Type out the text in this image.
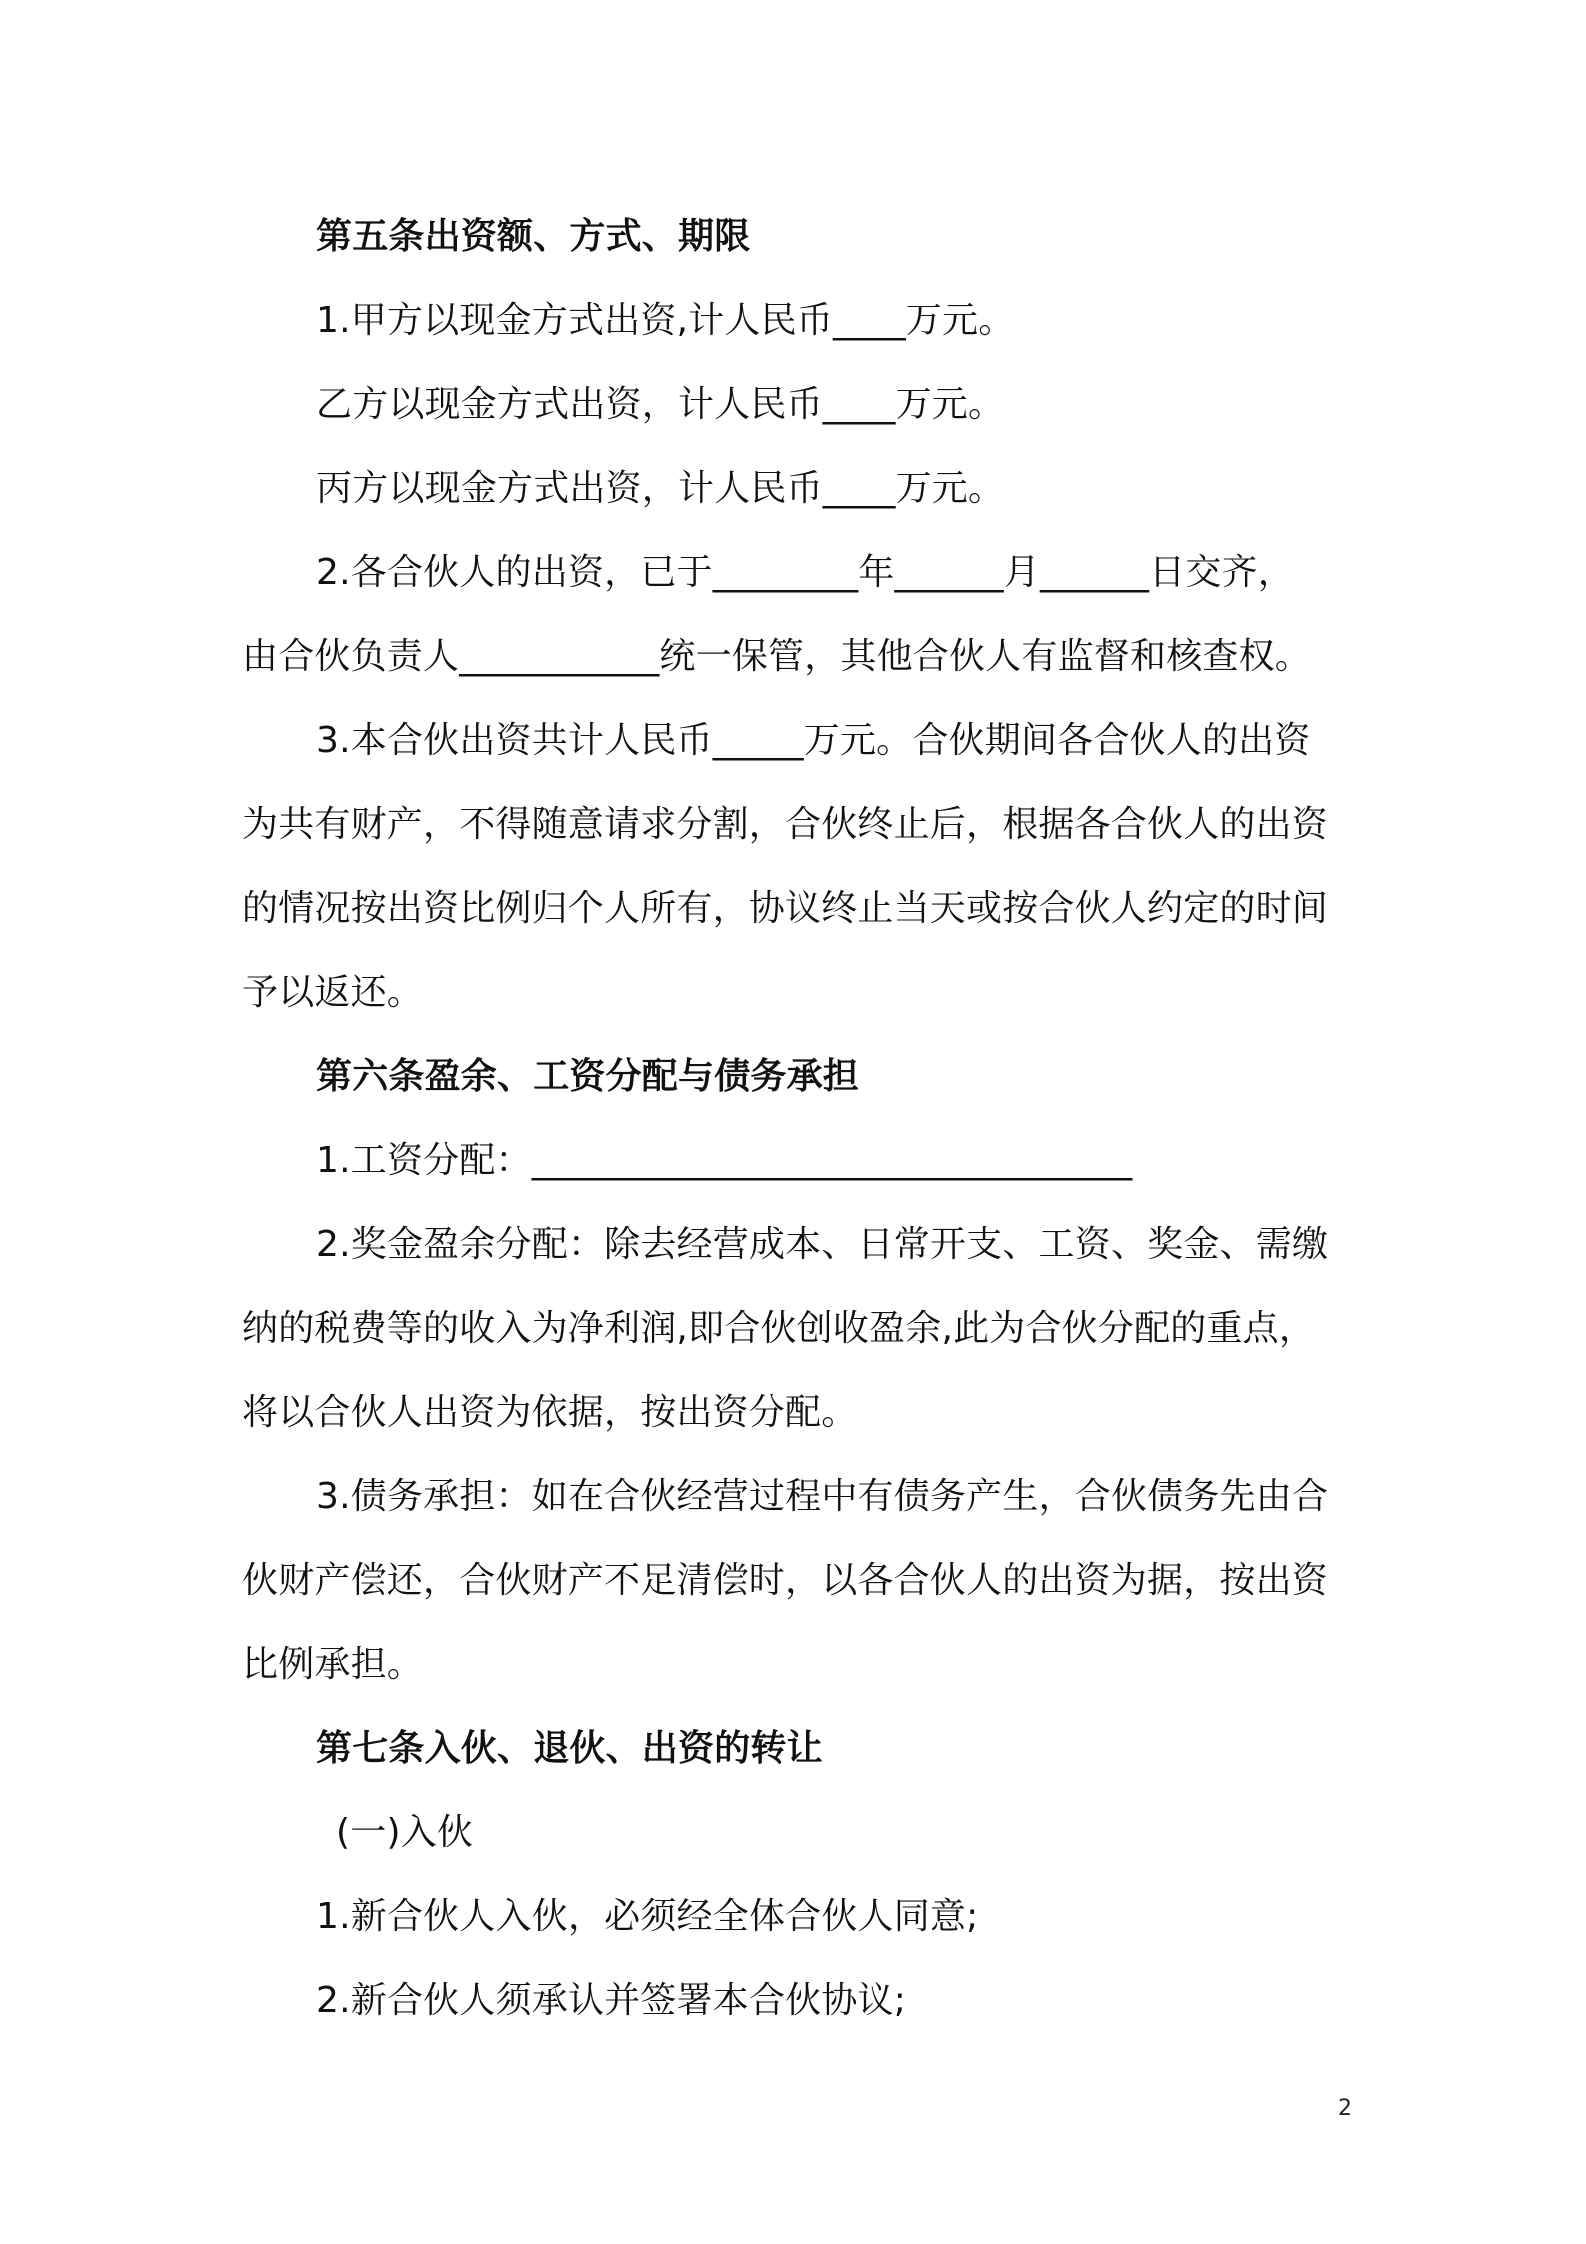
第五条出资额、方式、期限
1.甲方以现金方式出资,计人民币____万元。
乙方以现金方式出资，计人民币____万元。
丙方以现金方式出资，计人民币____万元。
2.各合伙人的出资，已于________年______月______日交齐，
由合伙负责人___________统一保管，其他合伙人有监督和核查权。
3.本合伙出资共计人民币_____万元。合伙期间各合伙人的出资
为共有财产，不得随意请求分割，合伙终止后，根据各合伙人的出资
的情况按出资比例归个人所有，协议终止当天或按合伙人约定的时间
予以返还。
第六条盈余、工资分配与债务承担
1.工资分配：_________________________________
2.奖金盈余分配：除去经营成本、日常开支、工资、奖金、需缴
纳的税费等的收入为净利润,即合伙创收盈余,此为合伙分配的重点，
将以合伙人出资为依据，按出资分配。
3.债务承担：如在合伙经营过程中有债务产生，合伙债务先由合
伙财产偿还，合伙财产不足清偿时，以各合伙人的出资为据，按出资
比例承担。
第七条入伙、退伙、出资的转让
(一)入伙
1.新合伙人入伙，必须经全体合伙人同意;
2.新合伙人须承认并签署本合伙协议;
2
